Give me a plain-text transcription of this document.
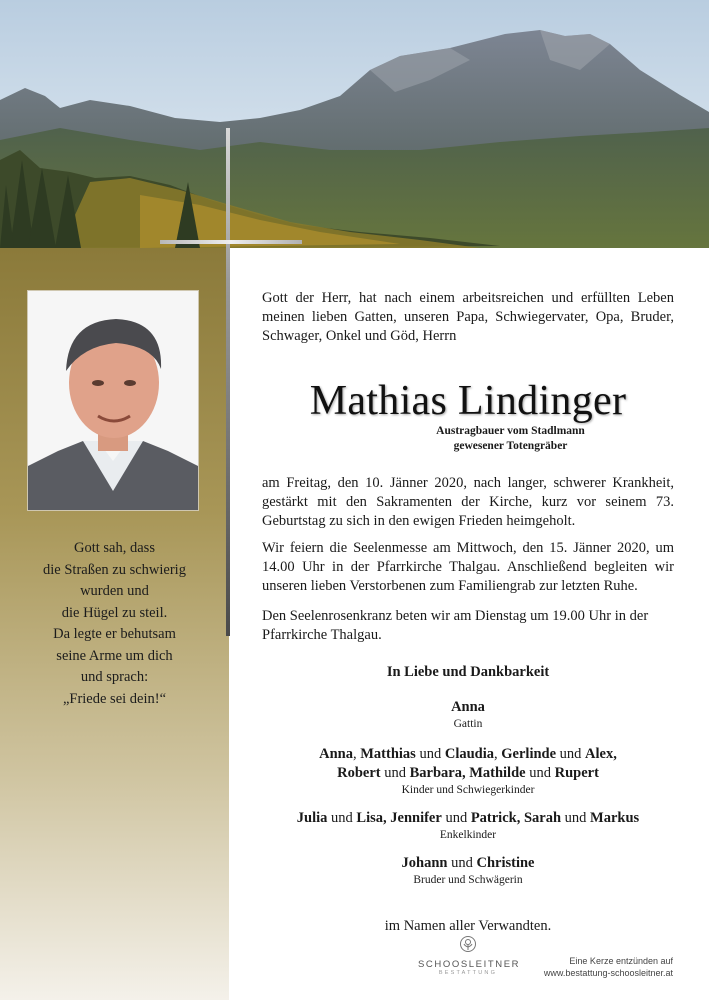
Gott sah, dass
die Straßen zu schwierig
wurden und
die Hügel zu steil.
Da legte er behutsam
seine Arme um dich
und sprach:
„Friede sei dein!“

Gott der Herr, hat nach einem arbeitsreichen und erfüllten Leben meinen lieben Gatten, unseren Papa, Schwiegervater, Opa, Bruder, Schwager, Onkel und Göd, Herrn

Mathias Lindinger
Austragbauer vom Stadlmann
gewesener Totengräber

am Freitag, den 10. Jänner 2020, nach langer, schwerer Krankheit, gestärkt mit den Sakramenten der Kirche, kurz vor seinem 73. Geburtstag zu sich in den ewigen Frieden heimgeholt.

Wir feiern die Seelenmesse am Mittwoch, den 15. Jänner 2020, um 14.00 Uhr in der Pfarrkirche Thalgau. Anschließend begleiten wir unseren lieben Verstorbenen zum Familiengrab zur letzten Ruhe.

Den Seelenrosenkranz beten wir am Dienstag um 19.00 Uhr in der Pfarrkirche Thalgau.

In Liebe und Dankbarkeit
Anna
Gattin
Anna, Matthias und Claudia, Gerlinde und Alex,
Robert und Barbara, Mathilde und Rupert
Kinder und Schwiegerkinder
Julia und Lisa, Jennifer und Patrick, Sarah und Markus
Enkelkinder
Johann und Christine
Bruder und Schwägerin
im Namen aller Verwandten.
SCHOOSLEITNER
BESTATTUNG
Eine Kerze entzünden auf
www.bestattung-schoosleitner.at
